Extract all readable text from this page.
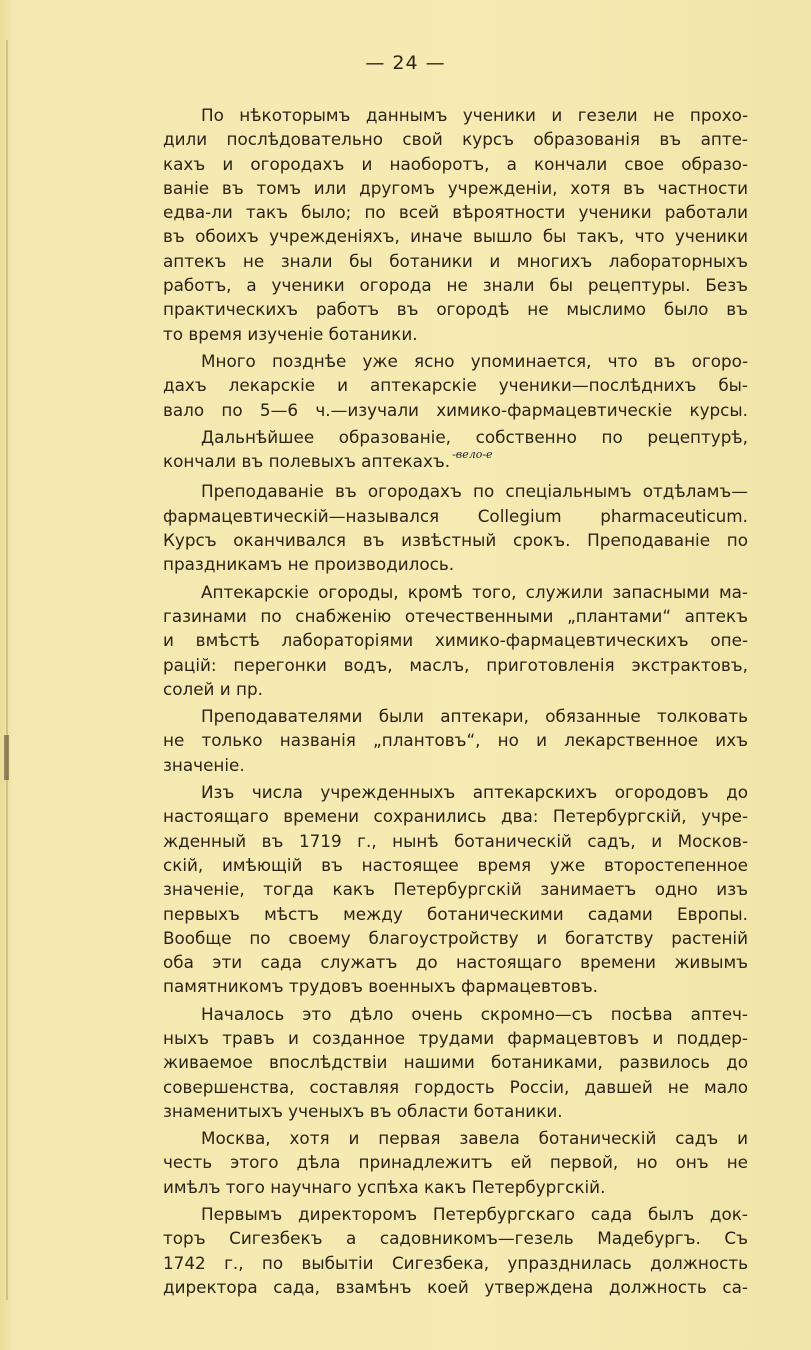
— 24 —
По нѣкоторымъ даннымъ ученики и гезели не прохо-
дили послѣдовательно свой курсъ образованія въ апте-
кахъ и огородахъ и наоборотъ, а кончали свое образо-
ваніе въ томъ или другомъ учрежденіи, хотя въ частности
едва-ли такъ было; по всей вѣроятности ученики работали
въ обоихъ учрежденіяхъ, иначе вышло бы такъ, что ученики
аптекъ не знали бы ботаники и многихъ лабораторныхъ
работъ, а ученики огорода не знали бы рецептуры. Безъ
практическихъ работъ въ огородѣ не мыслимо было въ
то время изученіе ботаники.
Много позднѣе уже ясно упоминается, что въ огоро-
дахъ лекарскіе и аптекарскіе ученики—послѣднихъ бы-
вало по 5—6 ч.—изучали химико-фармацевтическіе курсы.
Дальнѣйшее образованіе, собственно по рецептурѣ,
кончали въ полевыхъ аптекахъ. $^{-вело-е}$
Преподаваніе въ огородахъ по спеціальнымъ отдѣламъ—
фармацевтическій—назывался Collegium pharmaceuticum.
Курсъ оканчивался въ извѣстный срокъ. Преподаваніе по
праздникамъ не производилось.
Аптекарскіе огороды, кромѣ того, служили запасными ма-
газинами по снабженію отечественными „плантами“ аптекъ
и вмѣстѣ лабораторіями химико-фармацевтическихъ опе-
рацій: перегонки водъ, маслъ, приготовленія экстрактовъ,
солей и пр.
Преподавателями были аптекари, обязанные толковать
не только названія „плантовъ“, но и лекарственное ихъ
значеніе.
Изъ числа учрежденныхъ аптекарскихъ огородовъ до
настоящаго времени сохранились два: Петербургскій, учре-
жденный въ 1719 г., нынѣ ботаническій садъ, и Москов-
скій, имѣющій въ настоящее время уже второстепенное
значеніе, тогда какъ Петербургскій занимаетъ одно изъ
первыхъ мѣстъ между ботаническими садами Европы.
Вообще по своему благоустройству и богатству растеній
оба эти сада служатъ до настоящаго времени живымъ
памятникомъ трудовъ военныхъ фармацевтовъ.
Началось это дѣло очень скромно—съ посѣва аптеч-
ныхъ травъ и созданное трудами фармацевтовъ и поддер-
живаемое впослѣдствіи нашими ботаниками, развилось до
совершенства, составляя гордость Россіи, давшей не мало
знаменитыхъ ученыхъ въ области ботаники.
Москва, хотя и первая завела ботаническій садъ и
честь этого дѣла принадлежитъ ей первой, но онъ не
имѣлъ того научнаго успѣха какъ Петербургскій.
Первымъ директоромъ Петербургскаго сада былъ док-
торъ Сигезбекъ а садовникомъ—гезель Мадебургъ. Съ
1742 г., по выбытіи Сигезбека, упразднилась должность
директора сада, взамѣнъ коей утверждена должность са-
